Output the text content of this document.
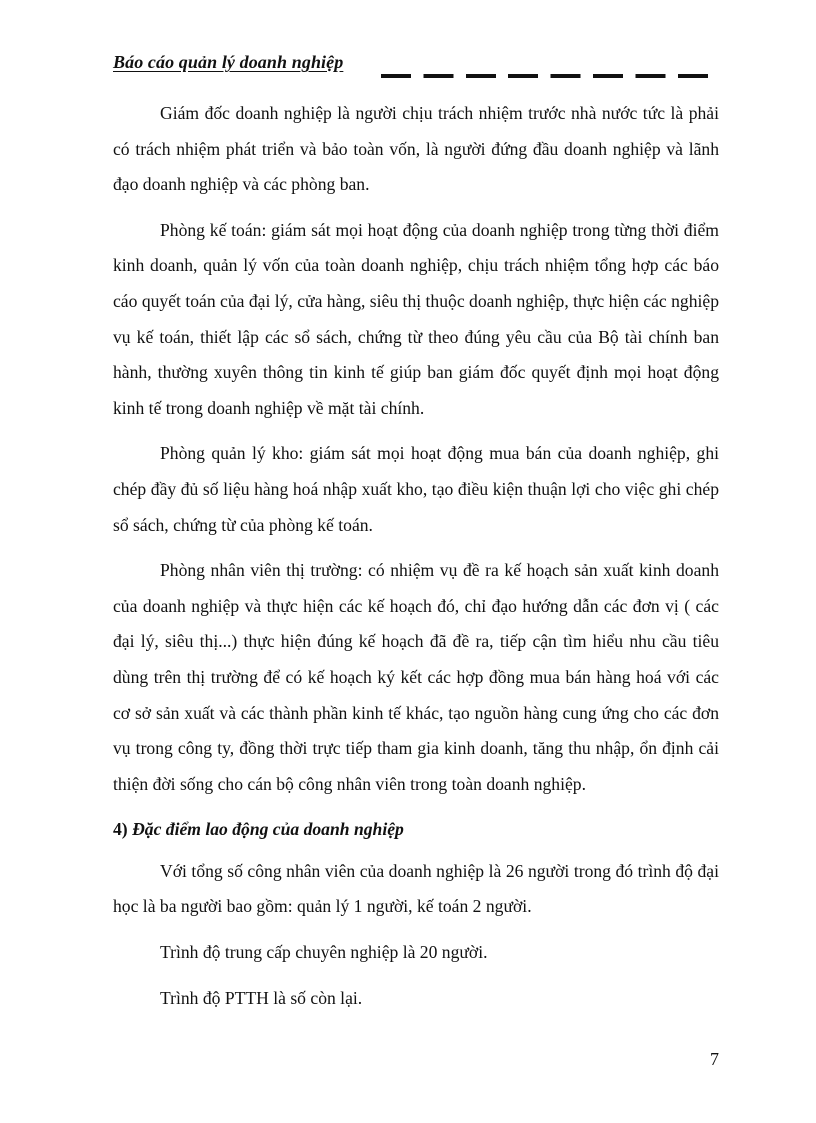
Báo cáo quản lý doanh nghiệp

Giám đốc doanh nghiệp là người chịu trách nhiệm trước nhà nước tức là phải có trách nhiệm phát triển và bảo toàn vốn, là người đứng đầu doanh nghiệp và lãnh đạo doanh nghiệp và các phòng ban.

Phòng kế toán: giám sát mọi hoạt động của doanh nghiệp trong từng thời điểm kinh doanh, quản lý vốn của toàn doanh nghiệp, chịu trách nhiệm tổng hợp các báo cáo quyết toán của đại lý, cửa hàng, siêu thị thuộc doanh nghiệp, thực hiện các nghiệp vụ kế toán, thiết lập các sổ sách, chứng từ theo đúng yêu cầu của Bộ tài chính ban hành, thường xuyên thông tin kinh tế giúp ban giám đốc quyết định mọi hoạt động kinh tế trong doanh nghiệp về mặt tài chính.

Phòng quản lý kho: giám sát mọi hoạt động mua bán của doanh nghiệp, ghi chép đầy đủ số liệu hàng hoá nhập xuất kho, tạo điều kiện thuận lợi cho việc ghi chép sổ sách, chứng từ của phòng kế toán.

Phòng nhân viên thị trường: có nhiệm vụ đề ra kế hoạch sản xuất kinh doanh của doanh nghiệp và thực hiện các kế hoạch đó, chỉ đạo hướng dẫn các đơn vị ( các đại lý, siêu thị...) thực hiện đúng kế hoạch đã đề ra, tiếp cận tìm hiểu nhu cầu tiêu dùng trên thị trường để có kế hoạch ký kết các hợp đồng mua bán hàng hoá với các cơ sở sản xuất và các thành phần kinh tế khác, tạo nguồn hàng cung ứng cho các đơn vụ trong công ty, đồng thời trực tiếp tham gia kinh doanh, tăng thu nhập, ổn định cải thiện đời sống cho cán bộ công nhân viên trong toàn doanh nghiệp.

4) Đặc điểm lao động của doanh nghiệp

Với tổng số công nhân viên của doanh nghiệp là 26 người trong đó trình độ đại học là ba người bao gồm: quản lý 1 người, kế toán 2 người.

Trình độ trung cấp chuyên nghiệp là 20 người.

Trình độ PTTH là số còn lại.

7
